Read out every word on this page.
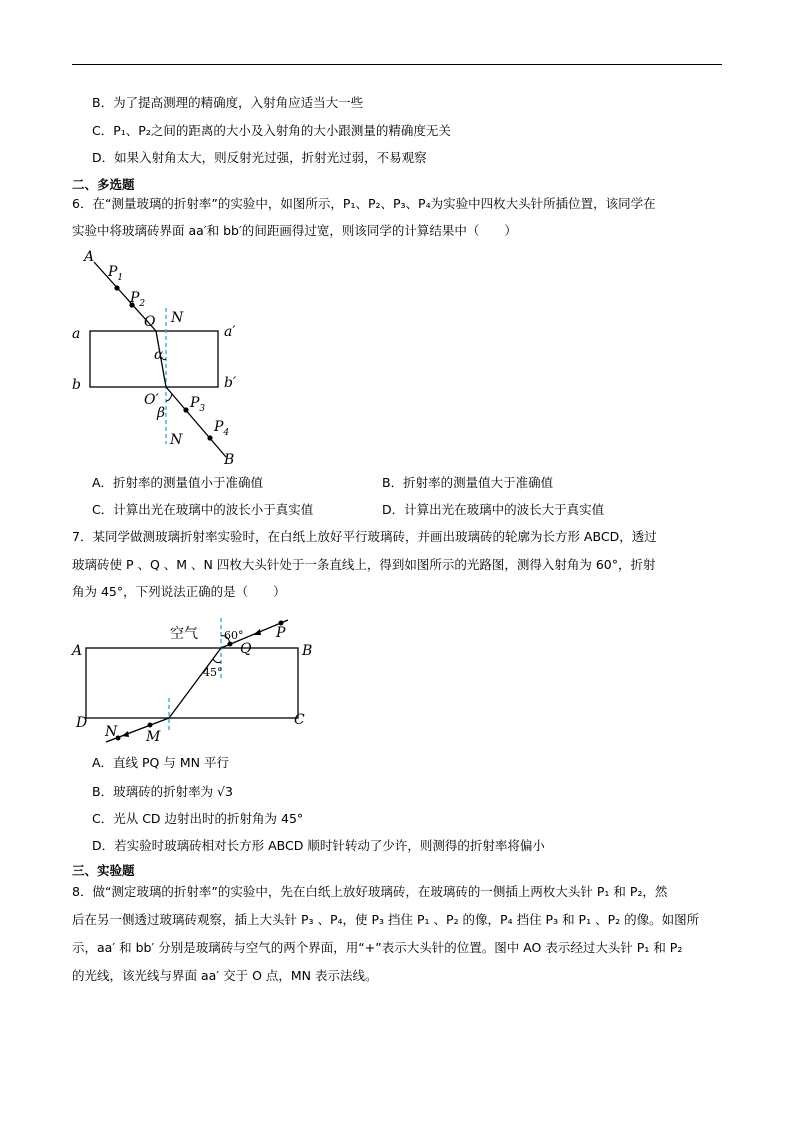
B．为了提高测理的精确度，入射角应适当大一些
C．P₁、P₂之间的距离的大小及入射角的大小跟测量的精确度无关
D．如果入射角太大，则反射光过强，折射光过弱，不易观察
二、多选题
6．在“测量玻璃的折射率”的实验中，如图所示，P₁、P₂、P₃、P₄为实验中四枚大头针所插位置，该同学在
实验中将玻璃砖界面 aa′和 bb′的间距画得过宽，则该同学的计算结果中（　　）
A
$P_1$
$P_2$
O N
a	a′
α
b	b′
O′ $P_3$
β
N
$P_4$
B
A．折射率的测量值小于准确值	B．折射率的测量值大于准确值
C．计算出光在玻璃中的波长小于真实值	D．计算出光在玻璃中的波长大于真实值
7．某同学做测玻璃折射率实验时，在白纸上放好平行玻璃砖，并画出玻璃砖的轮廓为长方形 ABCD，透过
玻璃砖使 P 、Q 、M 、N 四枚大头针处于一条直线上，得到如图所示的光路图，测得入射角为 60°，折射
角为 45°，下列说法正确的是（　　）
空气 60° P
Q
A	B
45°
D	C
N M
A．直线 PQ 与 MN 平行
B．玻璃砖的折射率为 √3
C．光从 CD 边射出时的折射角为 45°
D．若实验时玻璃砖相对长方形 ABCD 顺时针转动了少许，则测得的折射率将偏小
三、实验题
8．做“测定玻璃的折射率”的实验中，先在白纸上放好玻璃砖，在玻璃砖的一侧插上两枚大头针 P₁ 和 P₂，然
后在另一侧透过玻璃砖观察，插上大头针 P₃ 、P₄，使 P₃ 挡住 P₁ 、P₂ 的像，P₄ 挡住 P₃ 和 P₁ 、P₂ 的像。如图所
示，aa′ 和 bb′ 分别是玻璃砖与空气的两个界面，用“+”表示大头针的位置。图中 AO 表示经过大头针 P₁ 和 P₂
的光线，该光线与界面 aa′ 交于 O 点，MN 表示法线。
